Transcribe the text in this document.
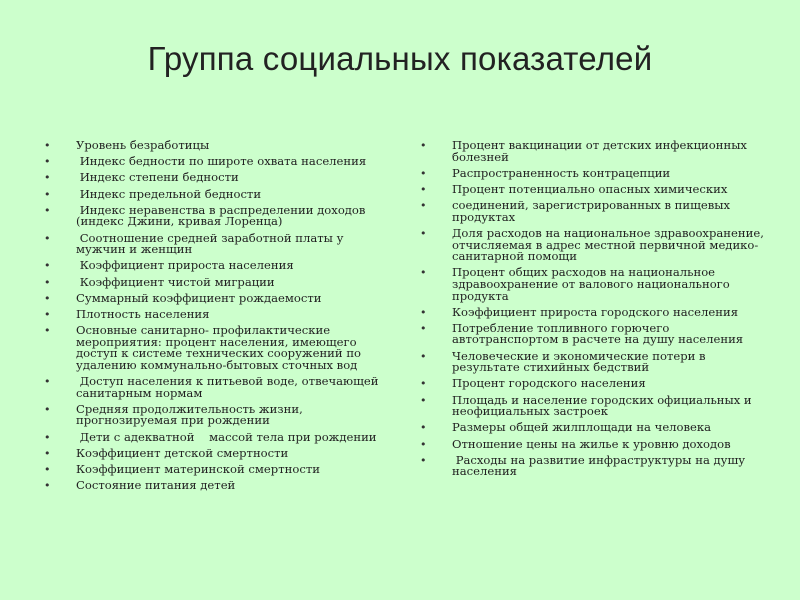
Группа социальных показателей
• Уровень безработицы
•  Индекс бедности по широте охвата населения
•  Индекс степени бедности
•  Индекс предельной бедности
•  Индекс неравенства в распределении доходов (индекс Джини, кривая Лоренца)
•  Соотношение средней заработной платы у мужчин и женщин
•  Коэффициент прироста населения
•  Коэффициент чистой миграции
• Суммарный коэффициент рождаемости
• Плотность населения
• Основные санитарно- профилактические мероприятия: процент населения, имеющего доступ к системе технических сооружений по удалению коммунально-бытовых сточных вод
•  Доступ населения к питьевой воде, отвечающей санитарным нормам
• Средняя продолжительность жизни, прогнозируемая при рождении
•  Дети с адекватной    массой тела при рождении
• Коэффициент детской смертности
• Коэффициент материнской смертности
• Состояние питания детей
• Процент вакцинации от детских инфекционных болезней
• Распространенность контрацепции
• Процент потенциально опасных химических
• соединений, зарегистрированных в пищевых продуктах
• Доля расходов на национальное здравоохранение, отчисляемая в адрес местной первичной медико-санитарной помощи
• Процент общих расходов на национальное здравоохранение от валового национального продукта
• Коэффициент прироста городского населения
• Потребление топливного горючего автотранспортом в расчете на душу населения
• Человеческие и экономические потери в результате стихийных бедствий
• Процент городского населения
• Площадь и население городских официальных и неофициальных застроек
• Размеры общей жилплощади на человека
• Отношение цены на жилье к уровню доходов
•  Расходы на развитие инфраструктуры на душу населения
